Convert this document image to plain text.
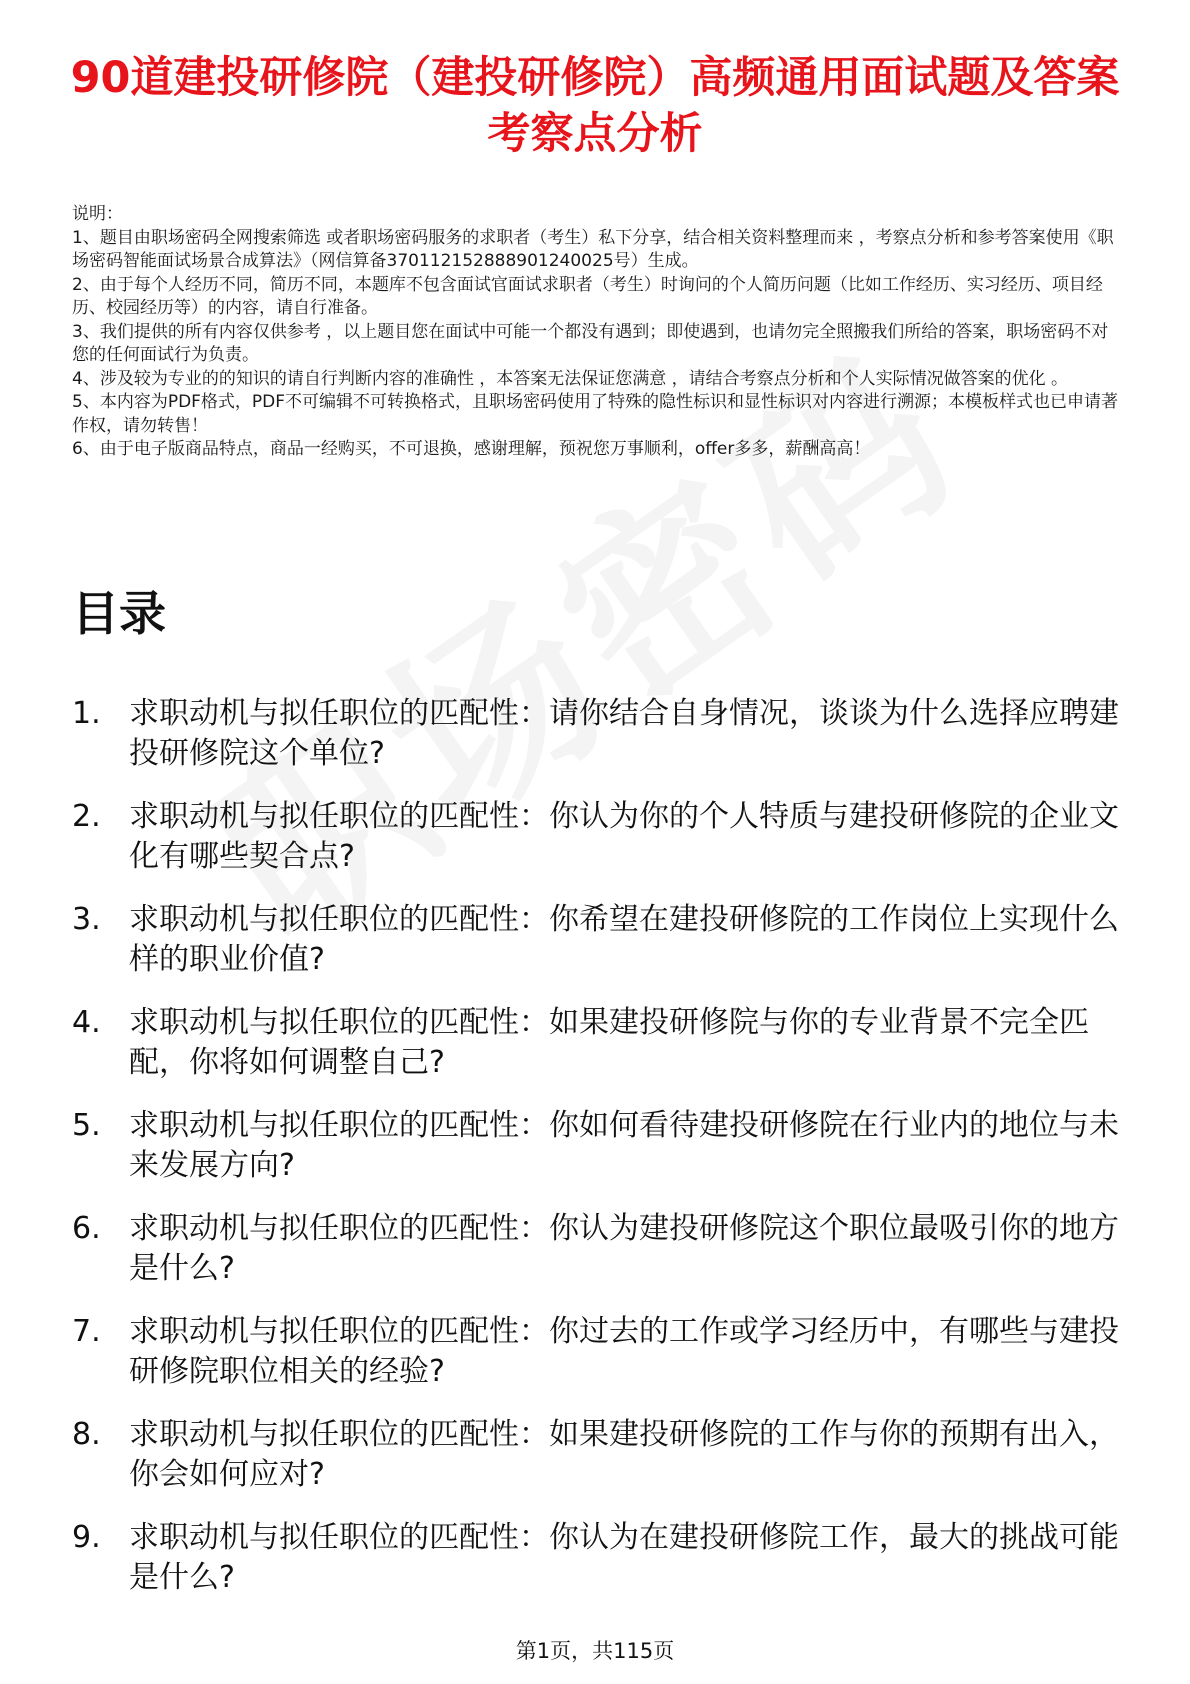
90道建投研修院（建投研修院）高频通用面试题及答案考察点分析

说明：

1、题目由职场密码全网搜索筛选 或者职场密码服务的求职者（考生）私下分享，结合相关资料整理而来 ，考察点分析和参考答案使用《职场密码智能面试场景合成算法》（网信算备370112152888901240025号）生成。

2、由于每个人经历不同，简历不同，本题库不包含面试官面试求职者（考生）时询问的个人简历问题（比如工作经历、实习经历、项目经历、校园经历等）的内容，请自行准备。

3、我们提供的所有内容仅供参考 ，以上题目您在面试中可能一个都没有遇到；即使遇到，也请勿完全照搬我们所给的答案，职场密码不对您的任何面试行为负责。

4、涉及较为专业的的知识的请自行判断内容的准确性 ，本答案无法保证您满意 ，请结合考察点分析和个人实际情况做答案的优化 。

5、本内容为PDF格式，PDF不可编辑不可转换格式，且职场密码使用了特殊的隐性标识和显性标识对内容进行溯源；本模板样式也已申请著作权，请勿转售！

6、由于电子版商品特点，商品一经购买，不可退换，感谢理解，预祝您万事顺利，offer多多，薪酬高高！

目录
1. 求职动机与拟任职位的匹配性：请你结合自身情况，谈谈为什么选择应聘建投研修院这个单位?
2. 求职动机与拟任职位的匹配性：你认为你的个人特质与建投研修院的企业文化有哪些契合点?
3. 求职动机与拟任职位的匹配性：你希望在建投研修院的工作岗位上实现什么样的职业价值?
4. 求职动机与拟任职位的匹配性：如果建投研修院与你的专业背景不完全匹配，你将如何调整自己?
5. 求职动机与拟任职位的匹配性：你如何看待建投研修院在行业内的地位与未来发展方向?
6. 求职动机与拟任职位的匹配性：你认为建投研修院这个职位最吸引你的地方是什么?
7. 求职动机与拟任职位的匹配性：你过去的工作或学习经历中，有哪些与建投研修院职位相关的经验?
8. 求职动机与拟任职位的匹配性：如果建投研修院的工作与你的预期有出入，你会如何应对?
9. 求职动机与拟任职位的匹配性：你认为在建投研修院工作，最大的挑战可能是什么?
第1页，共115页
